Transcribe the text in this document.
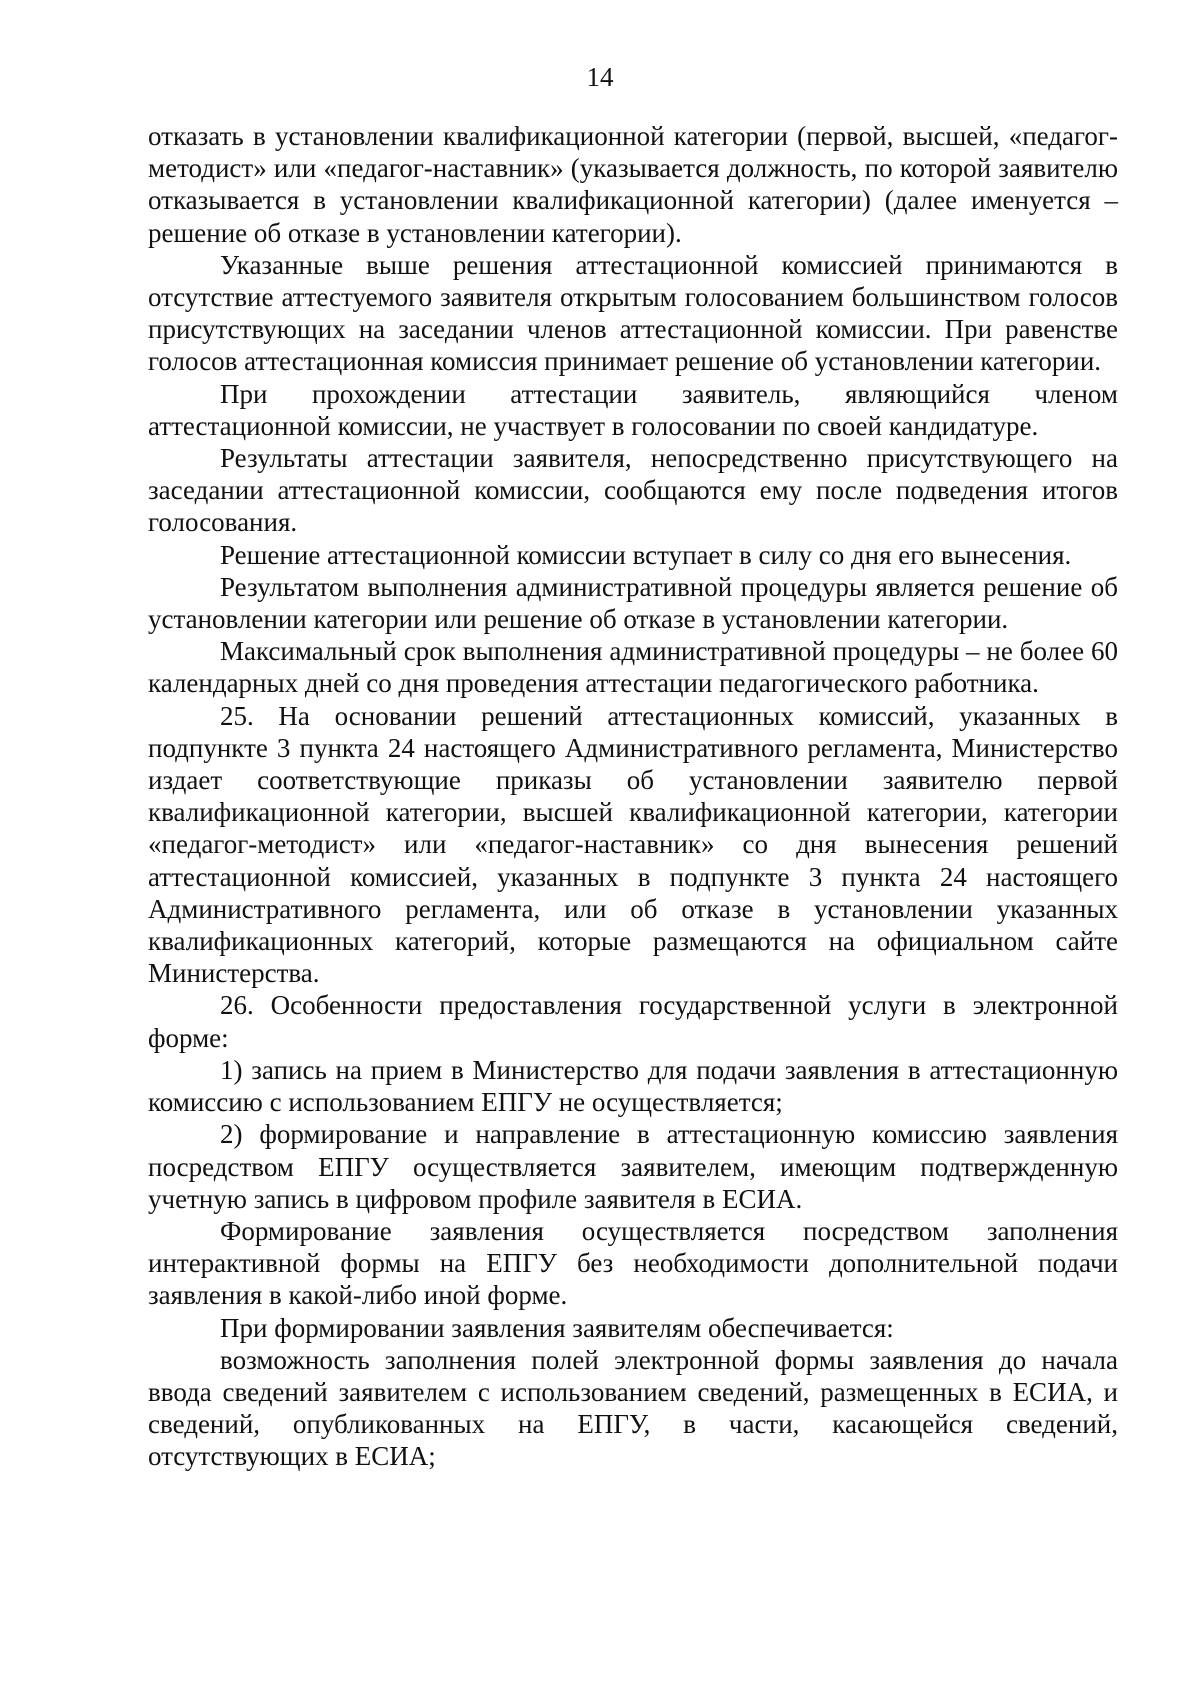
14

отказать в установлении квалификационной категории (первой, высшей, «педагог-методист» или «педагог-наставник» (указывается должность, по которой заявителю отказывается в установлении квалификационной категории) (далее именуется – решение об отказе в установлении категории).

Указанные выше решения аттестационной комиссией принимаются в отсутствие аттестуемого заявителя открытым голосованием большинством голосов присутствующих на заседании членов аттестационной комиссии. При равенстве голосов аттестационная комиссия принимает решение об установлении категории.

При прохождении аттестации заявитель, являющийся членом аттестационной комиссии, не участвует в голосовании по своей кандидатуре.

Результаты аттестации заявителя, непосредственно присутствующего на заседании аттестационной комиссии, сообщаются ему после подведения итогов голосования.

Решение аттестационной комиссии вступает в силу со дня его вынесения.

Результатом выполнения административной процедуры является решение об установлении категории или решение об отказе в установлении категории.

Максимальный срок выполнения административной процедуры – не более 60 календарных дней со дня проведения аттестации педагогического работника.

25. На основании решений аттестационных комиссий, указанных в подпункте 3 пункта 24 настоящего Административного регламента, Министерство издает соответствующие приказы об установлении заявителю первой квалификационной категории, высшей квалификационной категории, категории «педагог-методист» или «педагог-наставник» со дня вынесения решений аттестационной комиссией, указанных в подпункте 3 пункта 24 настоящего Административного регламента, или об отказе в установлении указанных квалификационных категорий, которые размещаются на официальном сайте Министерства.

26. Особенности предоставления государственной услуги в электронной форме:

1) запись на прием в Министерство для подачи заявления в аттестационную комиссию с использованием ЕПГУ не осуществляется;

2) формирование и направление в аттестационную комиссию заявления посредством ЕПГУ осуществляется заявителем, имеющим подтвержденную учетную запись в цифровом профиле заявителя в ЕСИА.

Формирование заявления осуществляется посредством заполнения интерактивной формы на ЕПГУ без необходимости дополнительной подачи заявления в какой-либо иной форме.

При формировании заявления заявителям обеспечивается:

возможность заполнения полей электронной формы заявления до начала ввода сведений заявителем с использованием сведений, размещенных в ЕСИА, и сведений, опубликованных на ЕПГУ, в части, касающейся сведений, отсутствующих в ЕСИА;
